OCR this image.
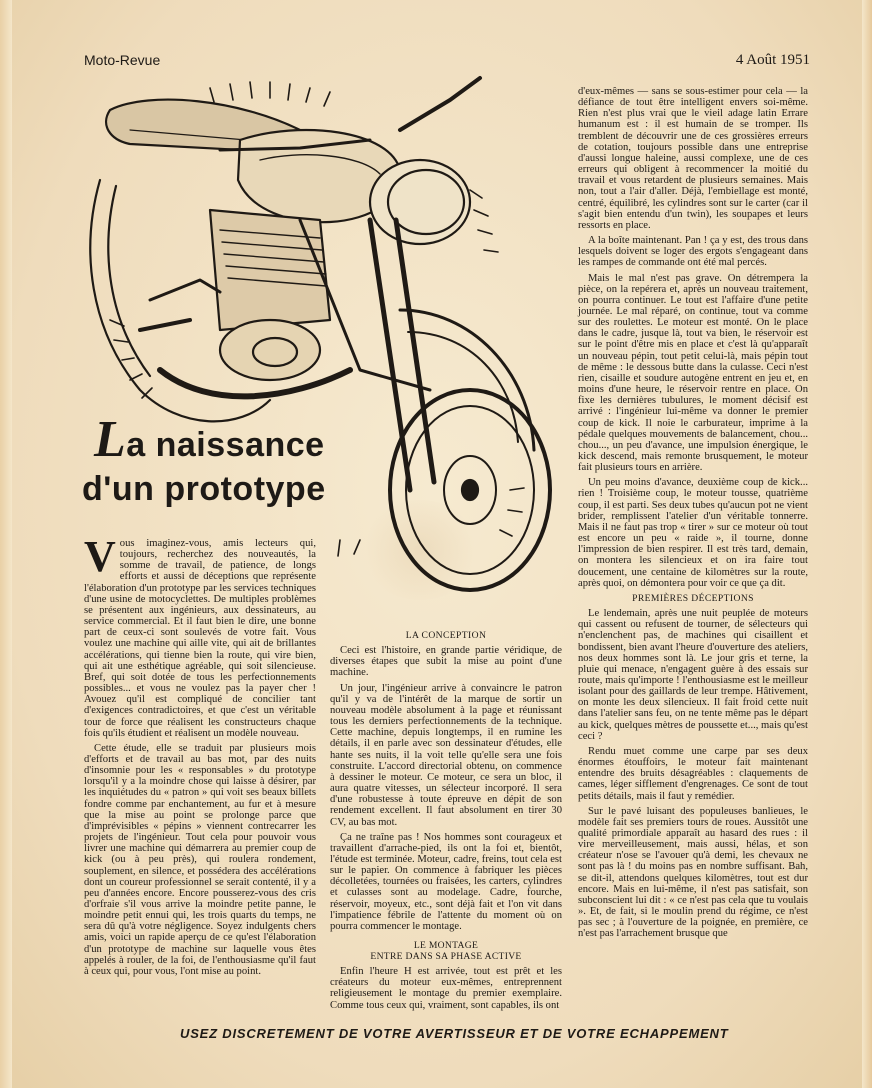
Moto-Revue	4 Août 1951
La naissance
d'un prototype

Vous imaginez-vous, amis lecteurs qui, toujours, recherchez des nouveautés, la somme de travail, de patience, de longs efforts et aussi de déceptions que représente l'élaboration d'un prototype par les services techniques d'une usine de motocyclettes. De multiples problèmes se présentent aux ingénieurs, aux dessinateurs, au service commercial. Et il faut bien le dire, une bonne part de ceux-ci sont soulevés de votre fait. Vous voulez une machine qui aille vite, qui ait de brillantes accélérations, qui tienne bien la route, qui vire bien, qui ait une esthétique agréable, qui soit silencieuse. Bref, qui soit dotée de tous les perfectionnements possibles... et vous ne voulez pas la payer cher ! Avouez qu'il est compliqué de concilier tant d'exigences contradictoires, et que c'est un véritable tour de force que réalisent les constructeurs chaque fois qu'ils étudient et réalisent un modèle nouveau.

Cette étude, elle se traduit par plusieurs mois d'efforts et de travail au bas mot, par des nuits d'insomnie pour les « responsables » du prototype lorsqu'il y a la moindre chose qui laisse à désirer, par les inquiétudes du « patron » qui voit ses beaux billets fondre comme par enchantement, au fur et à mesure que la mise au point se prolonge parce que d'imprévisibles « pépins » viennent contrecarrer les projets de l'ingénieur. Tout cela pour pouvoir vous livrer une machine qui démarrera au premier coup de kick (ou à peu près), qui roulera rondement, souplement, en silence, et possédera des accélérations dont un coureur professionnel se serait contenté, il y a peu d'années encore. Encore pousserez-vous des cris d'orfraie s'il vous arrive la moindre petite panne, le moindre petit ennui qui, les trois quarts du temps, ne sera dû qu'à votre négligence. Soyez indulgents chers amis, voici un rapide aperçu de ce qu'est l'élaboration d'un prototype de machine sur laquelle vous êtes appelés à rouler, de la foi, de l'enthousiasme qu'il faut à ceux qui, pour vous, l'ont mise au point.

LA CONCEPTION

Ceci est l'histoire, en grande partie véridique, de diverses étapes que subit la mise au point d'une machine.

Un jour, l'ingénieur arrive à convaincre le patron qu'il y va de l'intérêt de la marque de sortir un nouveau modèle absolument à la page et réunissant tous les derniers perfectionnements de la technique. Cette machine, depuis longtemps, il en rumine les détails, il en parle avec son dessinateur d'études, elle hante ses nuits, il la voit telle qu'elle sera une fois construite. L'accord directorial obtenu, on commence à dessiner le moteur. Ce moteur, ce sera un bloc, il aura quatre vitesses, un sélecteur incorporé. Il sera d'une robustesse à toute épreuve en dépit de son rendement excellent. Il faut absolument en tirer 30 CV, au bas mot.

Ça ne traîne pas ! Nos hommes sont courageux et travaillent d'arrache-pied, ils ont la foi et, bientôt, l'étude est terminée. Moteur, cadre, freins, tout cela est sur le papier. On commence à fabriquer les pièces décolletées, tournées ou fraisées, les carters, cylindres et culasses sont au modelage. Cadre, fourche, réservoir, moyeux, etc., sont déjà fait et l'on vit dans l'impatience fébrile de l'attente du moment où on pourra commencer le montage.

LE MONTAGE
ENTRE DANS SA PHASE ACTIVE

Enfin l'heure H est arrivée, tout est prêt et les créateurs du moteur eux-mêmes, entreprennent religieusement le montage du premier exemplaire. Comme tous ceux qui, vraiment, sont capables, ils ont

d'eux-mêmes — sans se sous-estimer pour cela — la défiance de tout être intelligent envers soi-même. Rien n'est plus vrai que le vieil adage latin Errare humanum est : il est humain de se tromper. Ils tremblent de découvrir une de ces grossières erreurs de cotation, toujours possible dans une entreprise d'aussi longue haleine, aussi complexe, une de ces erreurs qui obligent à recommencer la moitié du travail et vous retardent de plusieurs semaines. Mais non, tout a l'air d'aller. Déjà, l'embiellage est monté, centré, équilibré, les cylindres sont sur le carter (car il s'agit bien entendu d'un twin), les soupapes et leurs ressorts en place.

A la boîte maintenant. Pan ! ça y est, des trous dans lesquels doivent se loger des ergots s'engageant dans les rampes de commande ont été mal percés.

Mais le mal n'est pas grave. On détrempera la pièce, on la repérera et, après un nouveau traitement, on pourra continuer. Le tout est l'affaire d'une petite journée. Le mal réparé, on continue, tout va comme sur des roulettes. Le moteur est monté. On le place dans le cadre, jusque là, tout va bien, le réservoir est sur le point d'être mis en place et c'est là qu'apparaît un nouveau pépin, tout petit celui-là, mais pépin tout de même : le dessous butte dans la culasse. Ceci n'est rien, cisaille et soudure autogène entrent en jeu et, en moins d'une heure, le réservoir rentre en place. On fixe les dernières tubulures, le moment décisif est arrivé : l'ingénieur lui-même va donner le premier coup de kick. Il noie le carburateur, imprime à la pédale quelques mouvements de balancement, chou... chou..., un peu d'avance, une impulsion énergique, le kick descend, mais remonte brusquement, le moteur fait plusieurs tours en arrière.

Un peu moins d'avance, deuxième coup de kick... rien ! Troisième coup, le moteur tousse, quatrième coup, il est parti. Ses deux tubes qu'aucun pot ne vient brider, remplissent l'atelier d'un véritable tonnerre. Mais il ne faut pas trop « tirer » sur ce moteur où tout est encore un peu « raide », il tourne, donne l'impression de bien respirer. Il est très tard, demain, on montera les silencieux et on ira faire tout doucement, une centaine de kilomètres sur la route, après quoi, on démontera pour voir ce que ça dit.

PREMIÈRES DÉCEPTIONS

Le lendemain, après une nuit peuplée de moteurs qui cassent ou refusent de tourner, de sélecteurs qui n'enclenchent pas, de machines qui cisaillent et bondissent, bien avant l'heure d'ouverture des ateliers, nos deux hommes sont là. Le jour gris et terne, la pluie qui menace, n'engagent guère à des essais sur route, mais qu'importe ! l'enthousiasme est le meilleur isolant pour des gaillards de leur trempe. Hâtivement, on monte les deux silencieux. Il fait froid cette nuit dans l'atelier sans feu, on ne tente même pas le départ au kick, quelques mètres de poussette et..., mais qu'est ceci ?

Rendu muet comme une carpe par ses deux énormes étouffoirs, le moteur fait maintenant entendre des bruits désagréables : claquements de cames, léger sifflement d'engrenages. Ce sont de tout petits détails, mais il faut y remédier.

Sur le pavé luisant des populeuses banlieues, le modèle fait ses premiers tours de roues. Aussitôt une qualité primordiale apparaît au hasard des rues : il vire merveilleusement, mais aussi, hélas, et son créateur n'ose se l'avouer qu'à demi, les chevaux ne sont pas là ! du moins pas en nombre suffisant. Bah, se dit-il, attendons quelques kilomètres, tout est dur encore. Mais en lui-même, il n'est pas satisfait, son subconscient lui dit : « ce n'est pas cela que tu voulais ». Et, de fait, si le moulin prend du régime, ce n'est pas sec ; à l'ouverture de la poignée, en première, ce n'est pas l'arrachement brusque que

USEZ DISCRETEMENT DE VOTRE AVERTISSEUR ET DE VOTRE ECHAPPEMENT
